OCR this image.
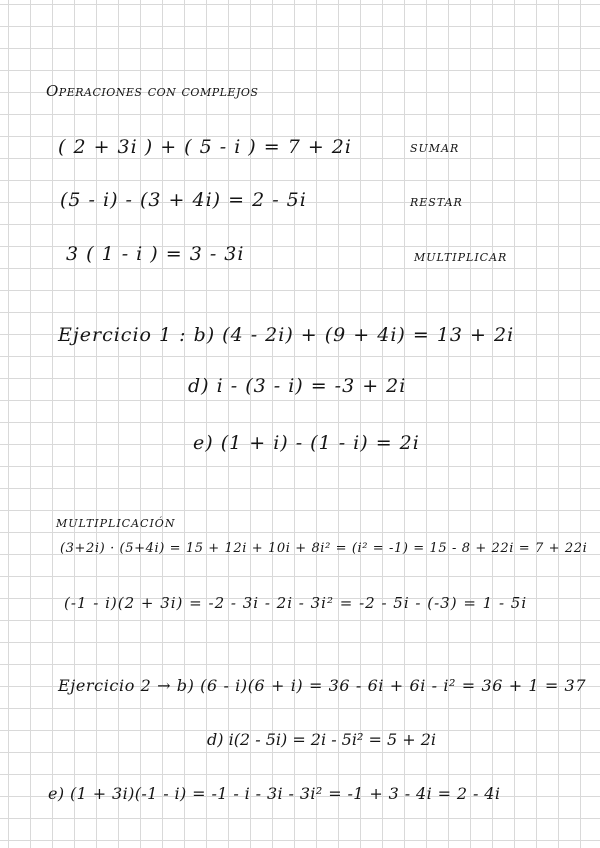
Operaciones con complejos
( 2 + 3i ) + ( 5 - i ) = 7 + 2i	SUMAR
(5 - i) - (3 + 4i) = 2 - 5i	RESTAR
3 ( 1 - i ) = 3 - 3i	MULTIPLICAR
Ejercicio 1 : b) (4 - 2i) + (9 + 4i) = 13 + 2i
d) i - (3 - i) = -3 + 2i
e) (1 + i) - (1 - i) = 2i
MULTIPLICACIÓN
(3+2i) · (5+4i) = 15 + 12i + 10i + 8i² = (i² = -1) = 15 - 8 + 22i = 7 + 22i
(-1 - i)(2 + 3i) = -2 - 3i - 2i - 3i² = -2 - 5i - (-3) = 1 - 5i
Ejercicio 2 → b) (6 - i)(6 + i) = 36 - 6i + 6i - i² = 36 + 1 = 37
d) i(2 - 5i) = 2i - 5i² = 5 + 2i
e) (1 + 3i)(-1 - i) = -1 - i - 3i - 3i² = -1 + 3 - 4i = 2 - 4i
